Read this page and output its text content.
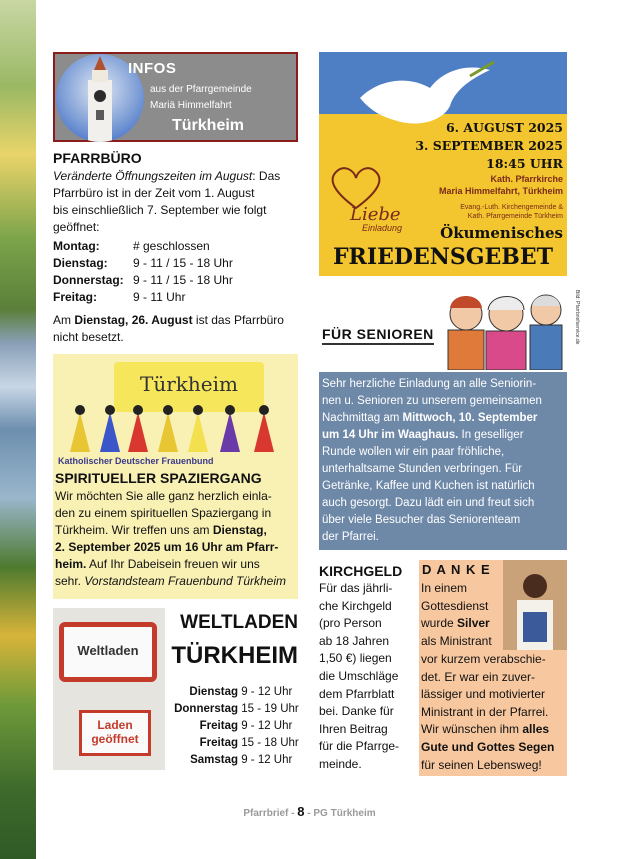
INFOS
aus der Pfarrgemeinde
Mariä Himmelfahrt
Türkheim
PFARRBÜRO
Veränderte Öffnungszeiten im August: Das
Pfarrbüro ist in der Zeit vom 1. August
bis einschließlich 7. September wie folgt
geöffnet:
Montag:	# geschlossen
Dienstag: 9 - 11 / 15 - 18 Uhr
Donnerstag: 9 - 11 / 15 - 18 Uhr
Freitag:	9 - 11 Uhr
Am Dienstag, 26. August ist das Pfarrbüro
nicht besetzt.
Türkheim
Katholischer Deutscher Frauenbund
SPIRITUELLER SPAZIERGANG
Wir möchten Sie alle ganz herzlich einla-
den zu einem spirituellen Spaziergang in
Türkheim. Wir treffen uns am Dienstag,
2. September 2025 um 16 Uhr am Pfarr-
heim. Auf Ihr Dabeisein freuen wir uns
sehr. Vorstandsteam Frauenbund Türkheim
Weltladen
Laden
geöffnet
WELTLADEN
TÜRKHEIM
Dienstag 9 - 12 Uhr
Donnerstag 15 - 19 Uhr
Freitag 9 - 12 Uhr
Freitag 15 - 18 Uhr
Samstag 9 - 12 Uhr
6. AUGUST 2025
3. SEPTEMBER 2025
18:45 UHR
Kath. Pfarrkirche
Maria Himmelfahrt, Türkheim
Liebe
Einladung
Evang.-Luth. Kirchengemeinde &
Kath. Pfarrgemeinde Türkheim
Ökumenisches
FRIEDENSGEBET
FÜR SENIOREN	Bild: Pfarrbriefservice.de
Sehr herzliche Einladung an alle Seniorin-
nen u. Senioren zu unserem gemeinsamen
Nachmittag am Mittwoch, 10. September
um 14 Uhr im Waaghaus. In geselliger
Runde wollen wir ein paar fröhliche,
unterhaltsame Stunden verbringen. Für
Getränke, Kaffee und Kuchen ist natürlich
auch gesorgt. Dazu lädt ein und freut sich
über viele Besucher das Seniorenteam
der Pfarrei.
KIRCHGELD
Für das jährli-
che Kirchgeld
(pro Person
ab 18 Jahren
1,50 €) liegen
die Umschläge
dem Pfarrblatt
bei. Danke für
Ihren Beitrag
für die Pfarrge-
meinde.
D A N K E
In einem
Gottesdienst
wurde Silver
als Ministrant
vor kurzem verabschie-
det. Er war ein zuver-
lässiger und motivierter
Ministrant in der Pfarrei.
Wir wünschen ihm alles
Gute und Gottes Segen
für seinen Lebensweg!
Pfarrbrief - 8 - PG Türkheim
